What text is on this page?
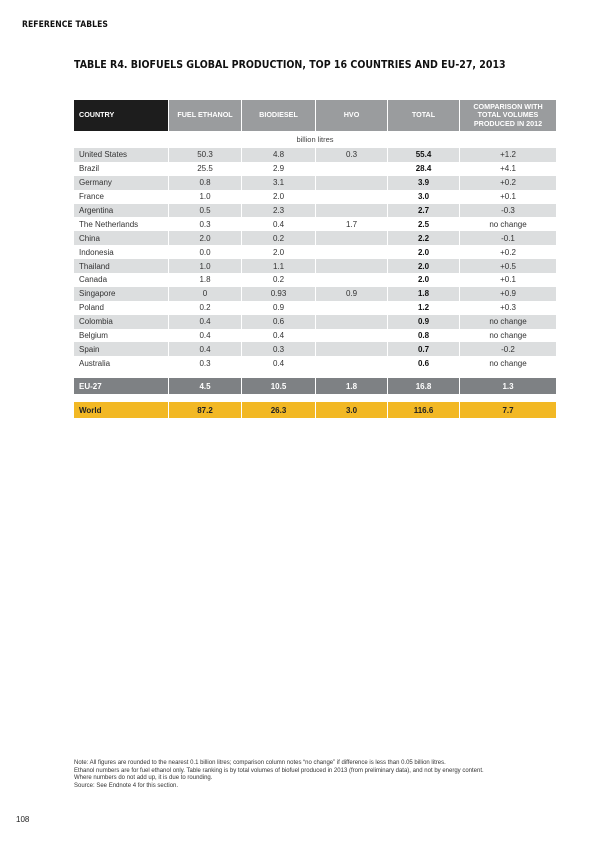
REFERENCE TABLES
TABLE R4. BIOFUELS GLOBAL PRODUCTION, TOP 16 COUNTRIES AND EU-27, 2013
COUNTRY	FUEL ETHANOL	BIODIESEL	HVO	TOTAL	COMPARISON WITH TOTAL VOLUMES PRODUCED IN 2012
billion litres					
United States	50.3	4.8	0.3	55.4	+1.2
Brazil	25.5	2.9		28.4	+4.1
Germany	0.8	3.1		3.9	+0.2
France	1.0	2.0		3.0	+0.1
Argentina	0.5	2.3		2.7	-0.3
The Netherlands	0.3	0.4	1.7	2.5	no change
China	2.0	0.2		2.2	-0.1
Indonesia	0.0	2.0		2.0	+0.2
Thailand	1.0	1.1		2.0	+0.5
Canada	1.8	0.2		2.0	+0.1
Singapore	0	0.93	0.9	1.8	+0.9
Poland	0.2	0.9		1.2	+0.3
Colombia	0.4	0.6		0.9	no change
Belgium	0.4	0.4		0.8	no change
Spain	0.4	0.3		0.7	-0.2
Australia	0.3	0.4		0.6	no change

EU-27	4.5	10.5	1.8	16.8	1.3

World	87.2	26.3	3.0	116.6	7.7
Note: All figures are rounded to the nearest 0.1 billion litres; comparison column notes “no change” if difference is less than 0.05 billion litres.
Ethanol numbers are for fuel ethanol only. Table ranking is by total volumes of biofuel produced in 2013 (from preliminary data), and not by energy content.
Where numbers do not add up, it is due to rounding.
Source: See Endnote 4 for this section.
108
